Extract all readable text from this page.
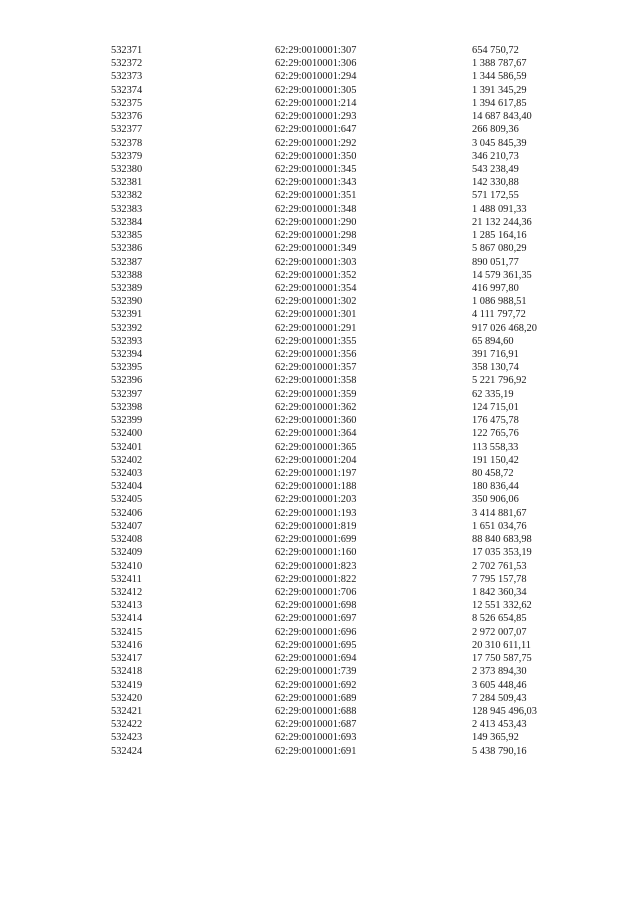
532371	62:29:0010001:307	654 750,72
532372	62:29:0010001:306	1 388 787,67
532373	62:29:0010001:294	1 344 586,59
532374	62:29:0010001:305	1 391 345,29
532375	62:29:0010001:214	1 394 617,85
532376	62:29:0010001:293	14 687 843,40
532377	62:29:0010001:647	266 809,36
532378	62:29:0010001:292	3 045 845,39
532379	62:29:0010001:350	346 210,73
532380	62:29:0010001:345	543 238,49
532381	62:29:0010001:343	142 330,88
532382	62:29:0010001:351	571 172,55
532383	62:29:0010001:348	1 488 091,33
532384	62:29:0010001:290	21 132 244,36
532385	62:29:0010001:298	1 285 164,16
532386	62:29:0010001:349	5 867 080,29
532387	62:29:0010001:303	890 051,77
532388	62:29:0010001:352	14 579 361,35
532389	62:29:0010001:354	416 997,80
532390	62:29:0010001:302	1 086 988,51
532391	62:29:0010001:301	4 111 797,72
532392	62:29:0010001:291	917 026 468,20
532393	62:29:0010001:355	65 894,60
532394	62:29:0010001:356	391 716,91
532395	62:29:0010001:357	358 130,74
532396	62:29:0010001:358	5 221 796,92
532397	62:29:0010001:359	62 335,19
532398	62:29:0010001:362	124 715,01
532399	62:29:0010001:360	176 475,78
532400	62:29:0010001:364	122 765,76
532401	62:29:0010001:365	113 558,33
532402	62:29:0010001:204	191 150,42
532403	62:29:0010001:197	80 458,72
532404	62:29:0010001:188	180 836,44
532405	62:29:0010001:203	350 906,06
532406	62:29:0010001:193	3 414 881,67
532407	62:29:0010001:819	1 651 034,76
532408	62:29:0010001:699	88 840 683,98
532409	62:29:0010001:160	17 035 353,19
532410	62:29:0010001:823	2 702 761,53
532411	62:29:0010001:822	7 795 157,78
532412	62:29:0010001:706	1 842 360,34
532413	62:29:0010001:698	12 551 332,62
532414	62:29:0010001:697	8 526 654,85
532415	62:29:0010001:696	2 972 007,07
532416	62:29:0010001:695	20 310 611,11
532417	62:29:0010001:694	17 750 587,75
532418	62:29:0010001:739	2 373 894,30
532419	62:29:0010001:692	3 605 448,46
532420	62:29:0010001:689	7 284 509,43
532421	62:29:0010001:688	128 945 496,03
532422	62:29:0010001:687	2 413 453,43
532423	62:29:0010001:693	149 365,92
532424	62:29:0010001:691	5 438 790,16
